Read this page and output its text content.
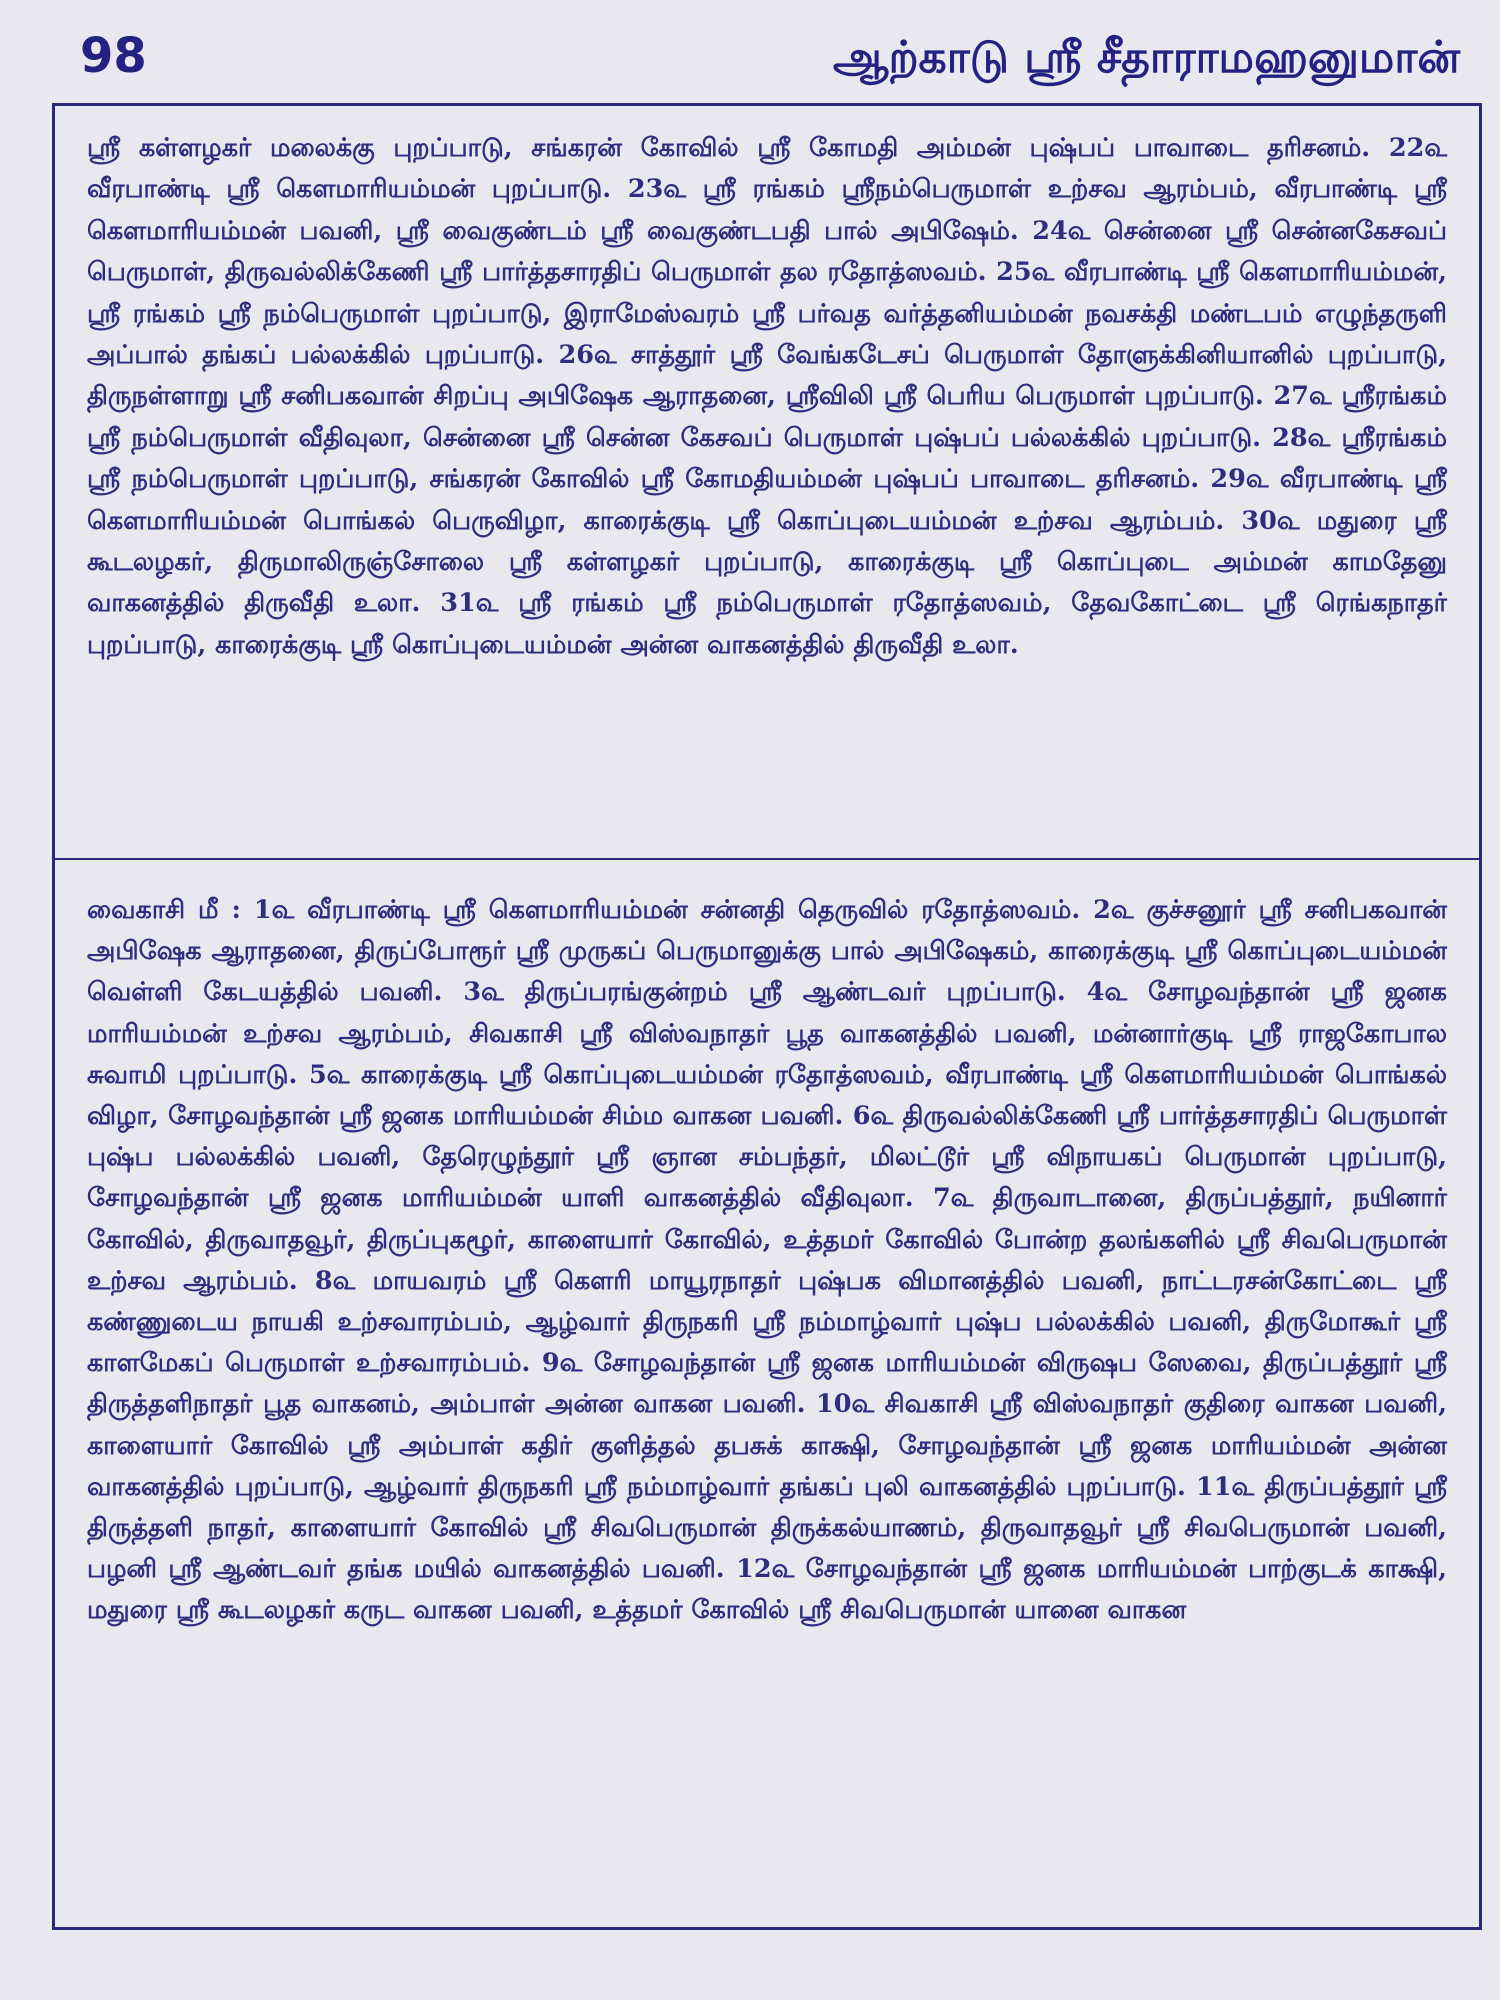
98	ஆற்காடு ஸ்ரீ சீதாராமஹனுமான்

ஸ்ரீ கள்ளழகர் மலைக்கு புறப்பாடு, சங்கரன் கோவில் ஸ்ரீ கோமதி அம்மன் புஷ்பப் பாவாடை தரிசனம். 22௳ வீரபாண்டி ஸ்ரீ கௌமாரியம்மன் புறப்பாடு. 23௳ ஸ்ரீ ரங்கம் ஸ்ரீநம்பெருமாள் உற்சவ ஆரம்பம், வீரபாண்டி ஸ்ரீ கௌமாரியம்மன் பவனி, ஸ்ரீ வைகுண்டம் ஸ்ரீ வைகுண்டபதி பால் அபிஷேம். 24௳ சென்னை ஸ்ரீ சென்னகேசவப் பெருமாள், திருவல்லிக்கேணி ஸ்ரீ பார்த்தசாரதிப் பெருமாள் தல ரதோத்ஸவம். 25௳ வீரபாண்டி ஸ்ரீ கௌமாரியம்மன், ஸ்ரீ ரங்கம் ஸ்ரீ நம்பெருமாள் புறப்பாடு, இராமேஸ்வரம் ஸ்ரீ பர்வத வர்த்தனியம்மன் நவசக்தி மண்டபம் எழுந்தருளி அப்பால் தங்கப் பல்லக்கில் புறப்பாடு. 26௳ சாத்தூர் ஸ்ரீ வேங்கடேசப் பெருமாள் தோளுக்கினியானில் புறப்பாடு, திருநள்ளாறு ஸ்ரீ சனிபகவான் சிறப்பு அபிஷேக ஆராதனை, ஸ்ரீவிலி ஸ்ரீ பெரிய பெருமாள் புறப்பாடு. 27௳ ஸ்ரீரங்கம் ஸ்ரீ நம்பெருமாள் வீதிவுலா, சென்னை ஸ்ரீ சென்ன கேசவப் பெருமாள் புஷ்பப் பல்லக்கில் புறப்பாடு. 28௳ ஸ்ரீரங்கம் ஸ்ரீ நம்பெருமாள் புறப்பாடு, சங்கரன் கோவில் ஸ்ரீ கோமதியம்மன் புஷ்பப் பாவாடை தரிசனம். 29௳ வீரபாண்டி ஸ்ரீ கௌமாரியம்மன் பொங்கல் பெருவிழா, காரைக்குடி ஸ்ரீ கொப்புடையம்மன் உற்சவ ஆரம்பம். 30௳ மதுரை ஸ்ரீ கூடலழகர், திருமாலிருஞ்சோலை ஸ்ரீ கள்ளழகர் புறப்பாடு, காரைக்குடி ஸ்ரீ கொப்புடை அம்மன் காமதேனு வாகனத்தில் திருவீதி உலா. 31௳ ஸ்ரீ ரங்கம் ஸ்ரீ நம்பெருமாள் ரதோத்ஸவம், தேவகோட்டை ஸ்ரீ ரெங்கநாதர் புறப்பாடு, காரைக்குடி ஸ்ரீ கொப்புடையம்மன் அன்ன வாகனத்தில் திருவீதி உலா.

வைகாசி மீ : 1௳ வீரபாண்டி ஸ்ரீ கௌமாரியம்மன் சன்னதி தெருவில் ரதோத்ஸவம். 2௳ குச்சனூர் ஸ்ரீ சனிபகவான் அபிஷேக ஆராதனை, திருப்போரூர் ஸ்ரீ முருகப் பெருமானுக்கு பால் அபிஷேகம், காரைக்குடி ஸ்ரீ கொப்புடையம்மன் வெள்ளி கேடயத்தில் பவனி. 3௳ திருப்பரங்குன்றம் ஸ்ரீ ஆண்டவர் புறப்பாடு. 4௳ சோழவந்தான் ஸ்ரீ ஜனக மாரியம்மன் உற்சவ ஆரம்பம், சிவகாசி ஸ்ரீ விஸ்வநாதர் பூத வாகனத்தில் பவனி, மன்னார்குடி ஸ்ரீ ராஜகோபால சுவாமி புறப்பாடு. 5௳ காரைக்குடி ஸ்ரீ கொப்புடையம்மன் ரதோத்ஸவம், வீரபாண்டி ஸ்ரீ கௌமாரியம்மன் பொங்கல் விழா, சோழவந்தான் ஸ்ரீ ஜனக மாரியம்மன் சிம்ம வாகன பவனி. 6௳ திருவல்லிக்கேணி ஸ்ரீ பார்த்தசாரதிப் பெருமாள் புஷ்ப பல்லக்கில் பவனி, தேரெழுந்தூர் ஸ்ரீ ஞான சம்பந்தர், மிலட்டூர் ஸ்ரீ விநாயகப் பெருமான் புறப்பாடு, சோழவந்தான் ஸ்ரீ ஜனக மாரியம்மன் யாளி வாகனத்தில் வீதிவுலா. 7௳ திருவாடானை, திருப்பத்தூர், நயினார் கோவில், திருவாதவூர், திருப்புகழூர், காளையார் கோவில், உத்தமர் கோவில் போன்ற தலங்களில் ஸ்ரீ சிவபெருமான் உற்சவ ஆரம்பம். 8௳ மாயவரம் ஸ்ரீ கௌரி மாயூரநாதர் புஷ்பக விமானத்தில் பவனி, நாட்டரசன்கோட்டை ஸ்ரீ கண்ணுடைய நாயகி உற்சவாரம்பம், ஆழ்வார் திருநகரி ஸ்ரீ நம்மாழ்வார் புஷ்ப பல்லக்கில் பவனி, திருமோகூர் ஸ்ரீ காளமேகப் பெருமாள் உற்சவாரம்பம். 9௳ சோழவந்தான் ஸ்ரீ ஜனக மாரியம்மன் விருஷப ஸேவை, திருப்பத்தூர் ஸ்ரீ திருத்தளிநாதர் பூத வாகனம், அம்பாள் அன்ன வாகன பவனி. 10௳ சிவகாசி ஸ்ரீ விஸ்வநாதர் குதிரை வாகன பவனி, காளையார் கோவில் ஸ்ரீ அம்பாள் கதிர் குளித்தல் தபசுக் காக்ஷி, சோழவந்தான் ஸ்ரீ ஜனக மாரியம்மன் அன்ன வாகனத்தில் புறப்பாடு, ஆழ்வார் திருநகரி ஸ்ரீ நம்மாழ்வார் தங்கப் புலி வாகனத்தில் புறப்பாடு. 11௳ திருப்பத்தூர் ஸ்ரீ திருத்தளி நாதர், காளையார் கோவில் ஸ்ரீ சிவபெருமான் திருக்கல்யாணம், திருவாதவூர் ஸ்ரீ சிவபெருமான் பவனி, பழனி ஸ்ரீ ஆண்டவர் தங்க மயில் வாகனத்தில் பவனி. 12௳ சோழவந்தான் ஸ்ரீ ஜனக மாரியம்மன் பாற்குடக் காக்ஷி, மதுரை ஸ்ரீ கூடலழகர் கருட வாகன பவனி, உத்தமர் கோவில் ஸ்ரீ சிவபெருமான் யானை வாகன
